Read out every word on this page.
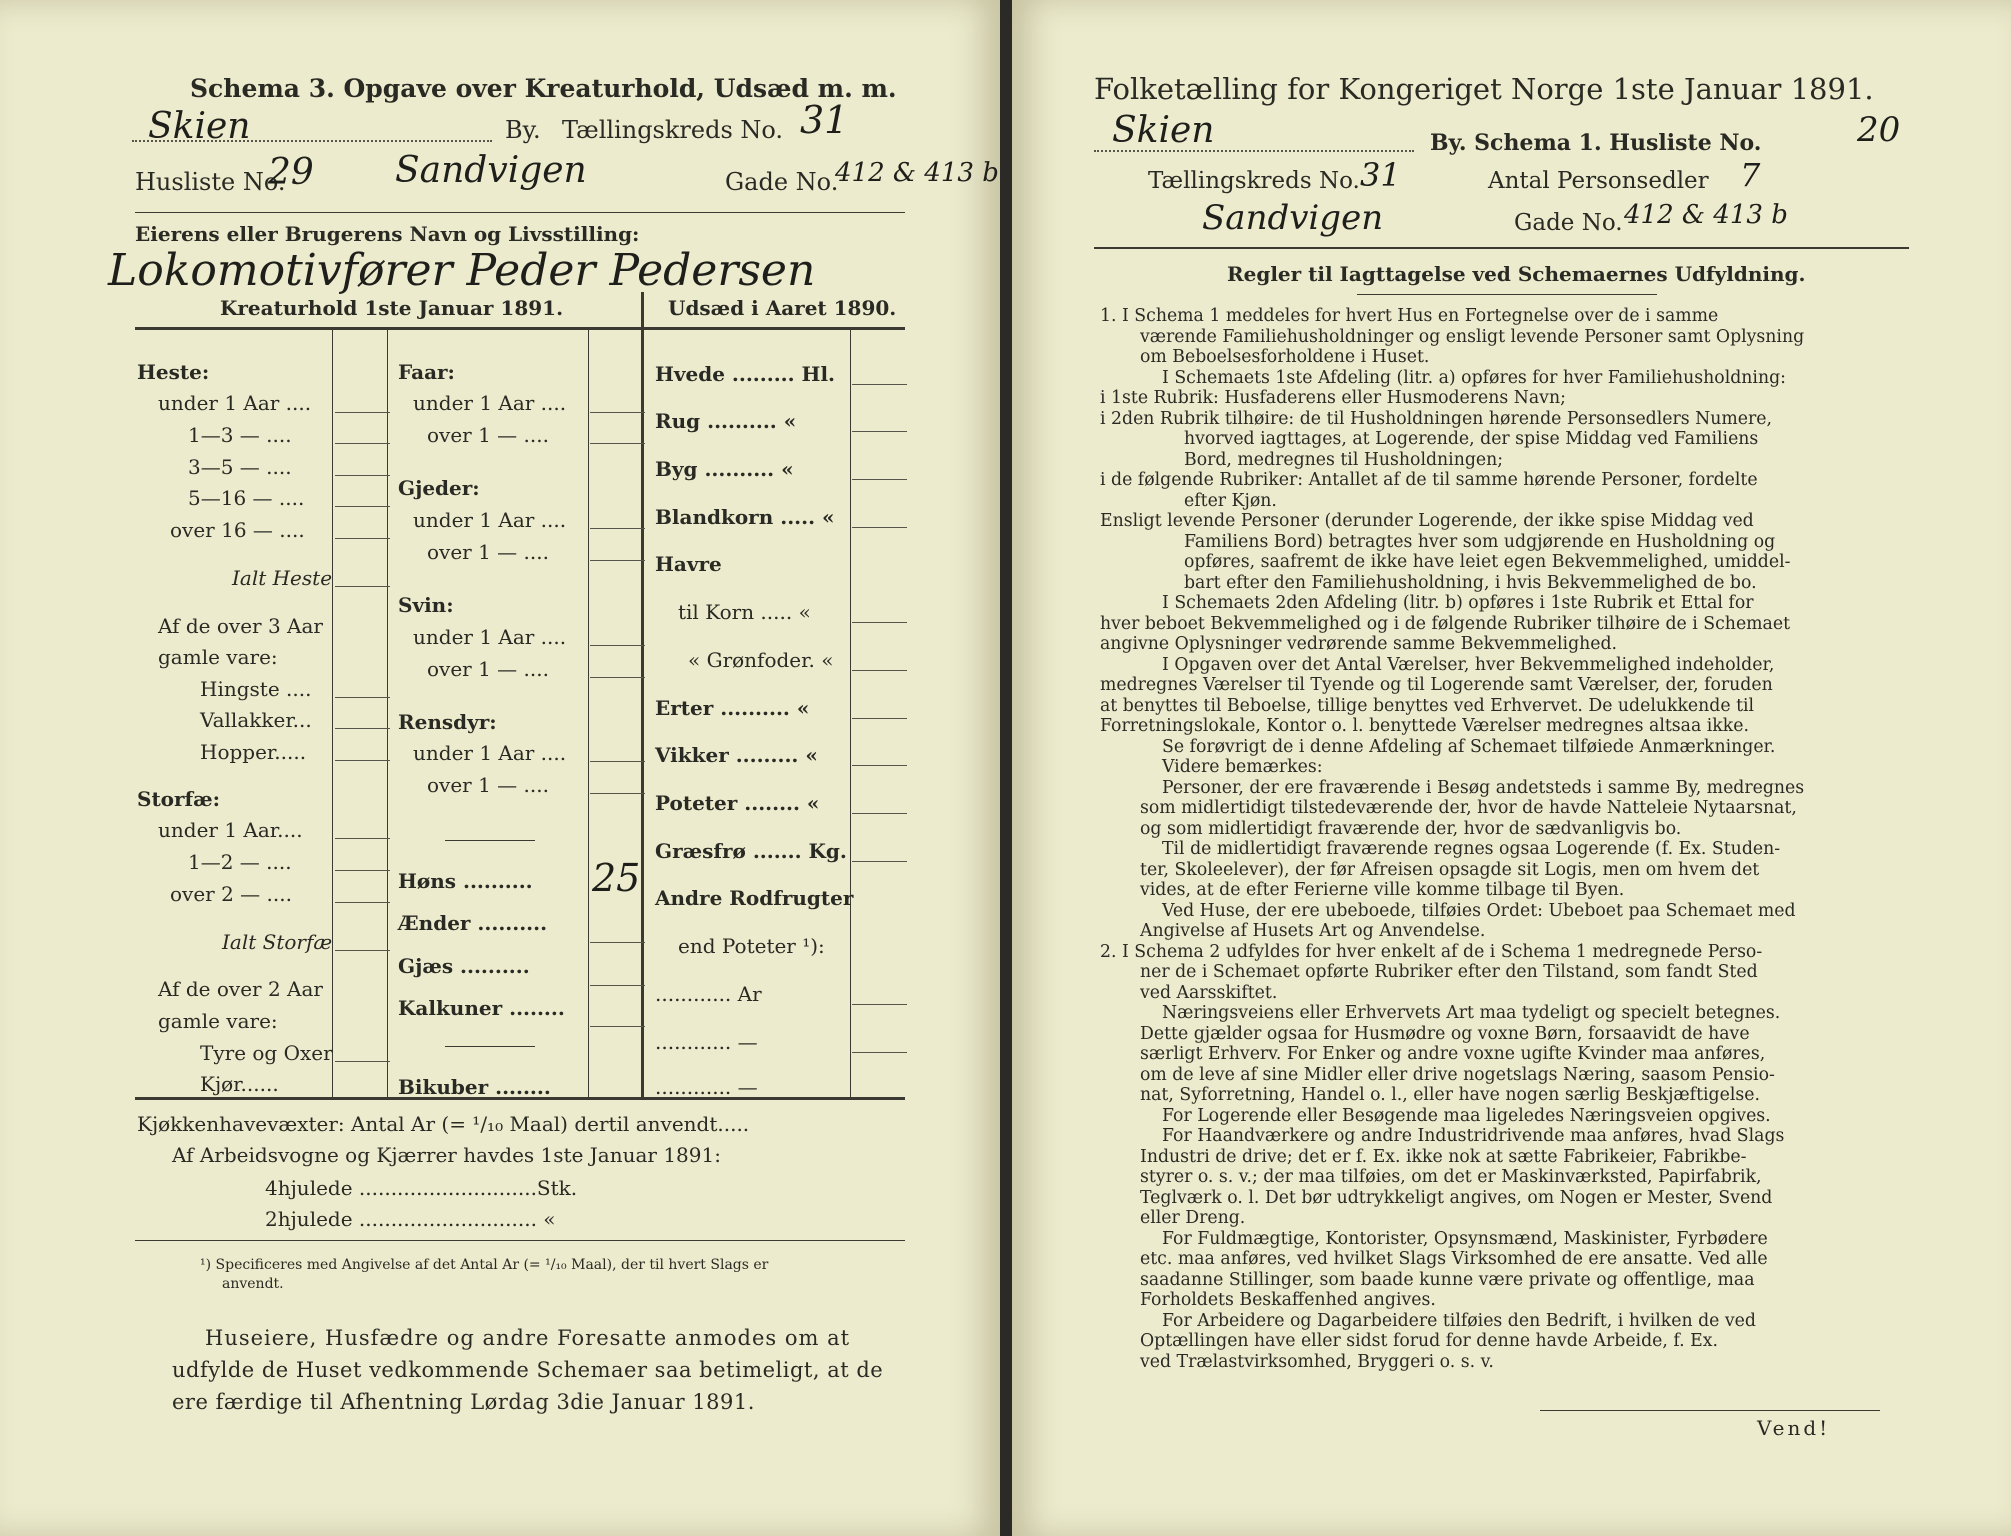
Schema 3. Opgave over Kreaturhold, Udsæd m. m.
Skien	By. Tællingskreds No. 31
Husliste No.
29 Sandvigen	Gade No.
412 & 413 b
Eierens eller Brugerens Navn og Livsstilling:
Lokomotivfører Peder Pedersen
Kreaturhold 1ste Januar 1891.	Udsæd i Aaret 1890.
Heste:
under 1 Aar ....
1—3 — ....
3—5 — ....
5—16 — ....
over 16 — ....
Ialt Heste
Af de over 3 Aar
gamle vare:
Hingste ....
Vallakker...
Hopper.....
Storfæ:
under 1 Aar....
1—2 — ....
over 2 — ....
Ialt Storfæ
Af de over 2 Aar
gamle vare:
Tyre og Oxer
Kjør......
Faar:
under 1 Aar ....
over 1 — ....
Gjeder:
under 1 Aar ....
over 1 — ....
Svin:
under 1 Aar ....
over 1 — ....
Rensdyr:
under 1 Aar ....
over 1 — ....
Høns .......... 25
Ænder ..........
Gjæs ..........
Kalkuner ........
Bikuber ........
Hvede ......... Hl.
Rug .......... «
Byg .......... «
Blandkorn ..... «
Havre
til Korn ..... «
« Grønfoder. «
Erter .......... «
Vikker ......... «
Poteter ........ «
Græsfrø ....... Kg.
Andre Rodfrugter
end Poteter ¹):
............ Ar
............ —
............ —
Kjøkkenhavevæxter: Antal Ar (= ¹/₁₀ Maal) dertil anvendt.....
Af Arbeidsvogne og Kjærrer havdes 1ste Januar 1891:
4hjulede ............................Stk.
2hjulede ............................ «
¹) Specificeres med Angivelse af det Antal Ar (= ¹/₁₀ Maal), der til hvert Slags er
anvendt.
Huseiere, Husfædre og andre Foresatte anmodes om at
udfylde de Huset vedkommende Schemaer saa betimeligt, at de
ere færdige til Afhentning Lørdag 3die Januar 1891.
Folketælling for Kongeriget Norge 1ste Januar 1891.
Skien	By. Schema 1. Husliste No.	20
Tællingskreds No. 31	Antal Personsedler 7
Sandvigen	Gade No. 412 & 413 b
Regler til Iagttagelse ved Schemaernes Udfyldning.

1. I Schema 1 meddeles for hvert Hus en Fortegnelse over de i samme

værende Familiehusholdninger og ensligt levende Personer samt Oplysning

om Beboelsesforholdene i Huset.

I Schemaets 1ste Afdeling (litr. a) opføres for hver Familiehusholdning:

i 1ste Rubrik: Husfaderens eller Husmoderens Navn;

i 2den Rubrik tilhøire: de til Husholdningen hørende Personsedlers Numere,

hvorved iagttages, at Logerende, der spise Middag ved Familiens

Bord, medregnes til Husholdningen;

i de følgende Rubriker: Antallet af de til samme hørende Personer, fordelte

efter Kjøn.

Ensligt levende Personer (derunder Logerende, der ikke spise Middag ved

Familiens Bord) betragtes hver som udgjørende en Husholdning og

opføres, saafremt de ikke have leiet egen Bekvemmelighed, umiddel-

bart efter den Familiehusholdning, i hvis Bekvemmelighed de bo.

I Schemaets 2den Afdeling (litr. b) opføres i 1ste Rubrik et Ettal for

hver beboet Bekvemmelighed og i de følgende Rubriker tilhøire de i Schemaet

angivne Oplysninger vedrørende samme Bekvemmelighed.

I Opgaven over det Antal Værelser, hver Bekvemmelighed indeholder,

medregnes Værelser til Tyende og til Logerende samt Værelser, der, foruden

at benyttes til Beboelse, tillige benyttes ved Erhvervet. De udelukkende til

Forretningslokale, Kontor o. l. benyttede Værelser medregnes altsaa ikke.

Se forøvrigt de i denne Afdeling af Schemaet tilføiede Anmærkninger.

Videre bemærkes:

Personer, der ere fraværende i Besøg andetsteds i samme By, medregnes

som midlertidigt tilstedeværende der, hvor de havde Natteleie Nytaarsnat,

og som midlertidigt fraværende der, hvor de sædvanligvis bo.

Til de midlertidigt fraværende regnes ogsaa Logerende (f. Ex. Studen-

ter, Skoleelever), der før Afreisen opsagde sit Logis, men om hvem det

vides, at de efter Ferierne ville komme tilbage til Byen.

Ved Huse, der ere ubeboede, tilføies Ordet: Ubeboet paa Schemaet med

Angivelse af Husets Art og Anvendelse.

2. I Schema 2 udfyldes for hver enkelt af de i Schema 1 medregnede Perso-

ner de i Schemaet opførte Rubriker efter den Tilstand, som fandt Sted

ved Aarsskiftet.

Næringsveiens eller Erhvervets Art maa tydeligt og specielt betegnes.

Dette gjælder ogsaa for Husmødre og voxne Børn, forsaavidt de have

særligt Erhverv. For Enker og andre voxne ugifte Kvinder maa anføres,

om de leve af sine Midler eller drive nogetslags Næring, saasom Pensio-

nat, Syforretning, Handel o. l., eller have nogen særlig Beskjæftigelse.

For Logerende eller Besøgende maa ligeledes Næringsveien opgives.

For Haandværkere og andre Industridrivende maa anføres, hvad Slags

Industri de drive; det er f. Ex. ikke nok at sætte Fabrikeier, Fabrikbe-

styrer o. s. v.; der maa tilføies, om det er Maskinværksted, Papirfabrik,

Teglværk o. l. Det bør udtrykkeligt angives, om Nogen er Mester, Svend

eller Dreng.

For Fuldmægtige, Kontorister, Opsynsmænd, Maskinister, Fyrbødere

etc. maa anføres, ved hvilket Slags Virksomhed de ere ansatte. Ved alle

saadanne Stillinger, som baade kunne være private og offentlige, maa

Forholdets Beskaffenhed angives.

For Arbeidere og Dagarbeidere tilføies den Bedrift, i hvilken de ved

Optællingen have eller sidst forud for denne havde Arbeide, f. Ex.

ved Trælastvirksomhed, Bryggeri o. s. v.

Vend!
